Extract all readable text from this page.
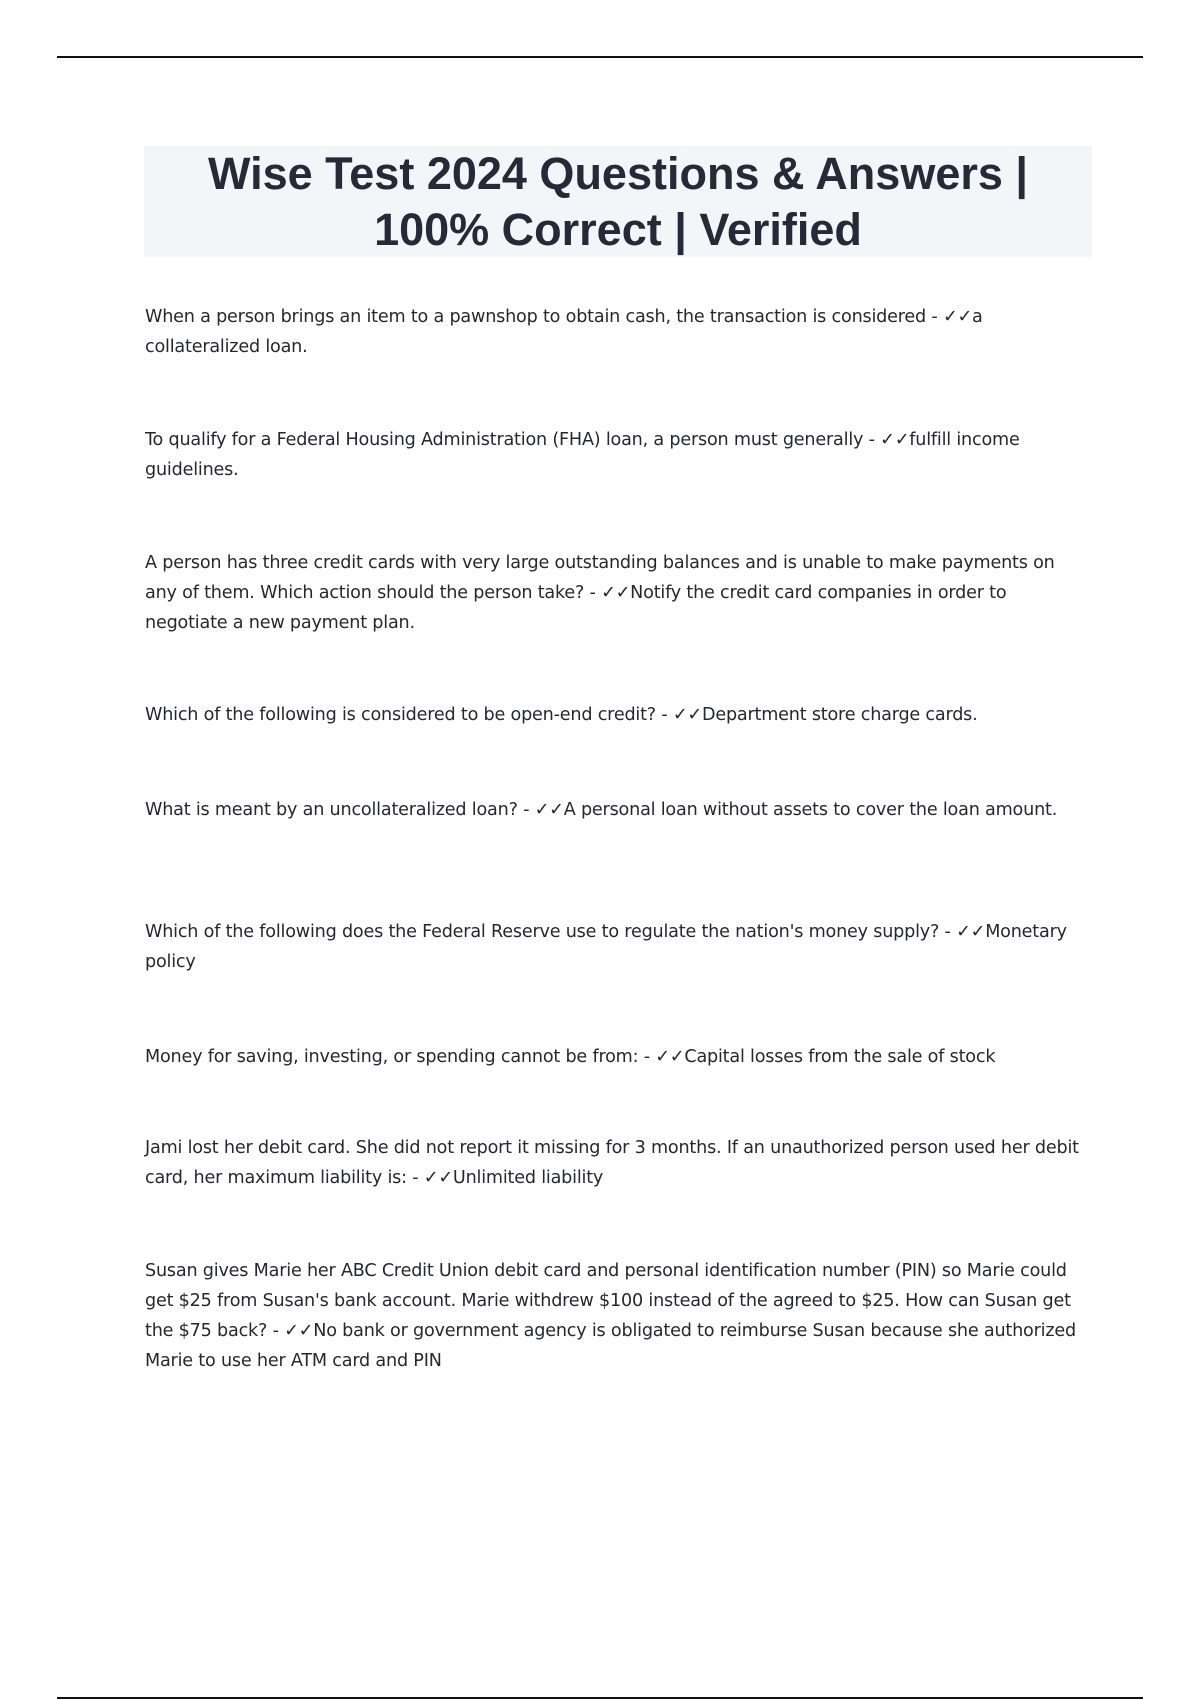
Wise Test 2024 Questions & Answers | 100% Correct | Verified

When a person brings an item to a pawnshop to obtain cash, the transaction is considered - ✓✓a collateralized loan.

To qualify for a Federal Housing Administration (FHA) loan, a person must generally - ✓✓fulfill income guidelines.

A person has three credit cards with very large outstanding balances and is unable to make payments on any of them. Which action should the person take? - ✓✓Notify the credit card companies in order to negotiate a new payment plan.

Which of the following is considered to be open-end credit? - ✓✓Department store charge cards.

What is meant by an uncollateralized loan? - ✓✓A personal loan without assets to cover the loan amount.

Which of the following does the Federal Reserve use to regulate the nation's money supply? - ✓✓Monetary policy

Money for saving, investing, or spending cannot be from: - ✓✓Capital losses from the sale of stock

Jami lost her debit card. She did not report it missing for 3 months. If an unauthorized person used her debit card, her maximum liability is: - ✓✓Unlimited liability

Susan gives Marie her ABC Credit Union debit card and personal identification number (PIN) so Marie could get $25 from Susan's bank account. Marie withdrew $100 instead of the agreed to $25. How can Susan get the $75 back? - ✓✓No bank or government agency is obligated to reimburse Susan because she authorized Marie to use her ATM card and PIN
